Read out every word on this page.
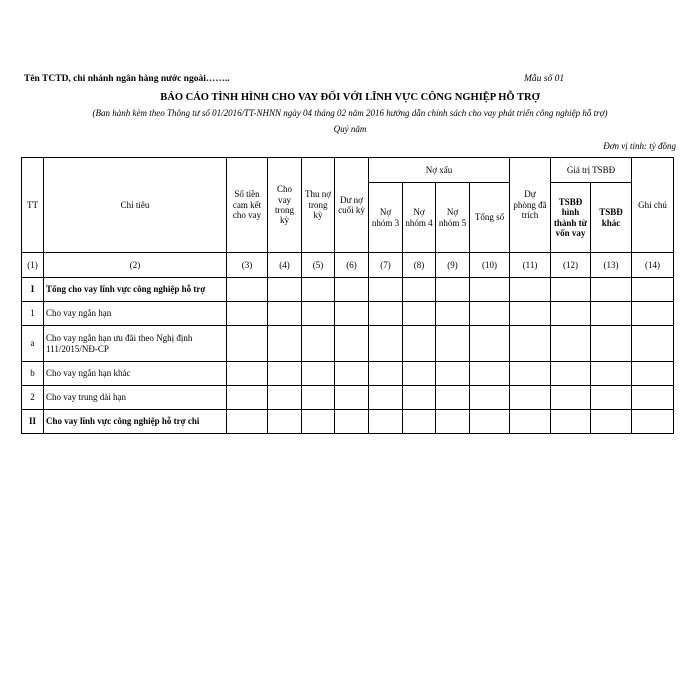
Tên TCTD, chi nhánh ngân hàng nước ngoài……..	Mẫu số 01
BÁO CÁO TÌNH HÌNH CHO VAY ĐỐI VỚI LĨNH VỰC CÔNG NGHIỆP HỖ TRỢ
(Ban hành kèm theo Thông tư số 01/2016/TT-NHNN ngày 04 tháng 02 năm 2016 hướng dẫn chính sách cho vay phát triển công nghiệp hỗ trợ)
Quý năm
Đơn vị tính: tỷ đồng
TT	Chỉ tiêu	Số tiền cam kết cho vay	Cho vay trong kỳ	Thu nợ trong kỳ	Dư nợ cuối kỳ	Nợ xấu				Dự phòng đã trích	Giá trị TSBĐ		Ghi chú
						Nợ nhóm 3	Nợ nhóm 4	Nợ nhóm 5	Tổng số		TSBĐ hình thành từ vốn vay	TSBĐ khác	
(1)	(2)	(3)	(4)	(5)	(6)	(7)	(8)	(9)	(10)	(11)	(12)	(13)	(14)
I	Tổng cho vay lĩnh vực công nghiệp hỗ trợ												
1	Cho vay ngắn hạn												
a	Cho vay ngắn hạn ưu đãi theo Nghị định 111/2015/NĐ-CP												
b	Cho vay ngắn hạn khác												
2	Cho vay trung dài hạn												
II	Cho vay lĩnh vực công nghiệp hỗ trợ chi												
